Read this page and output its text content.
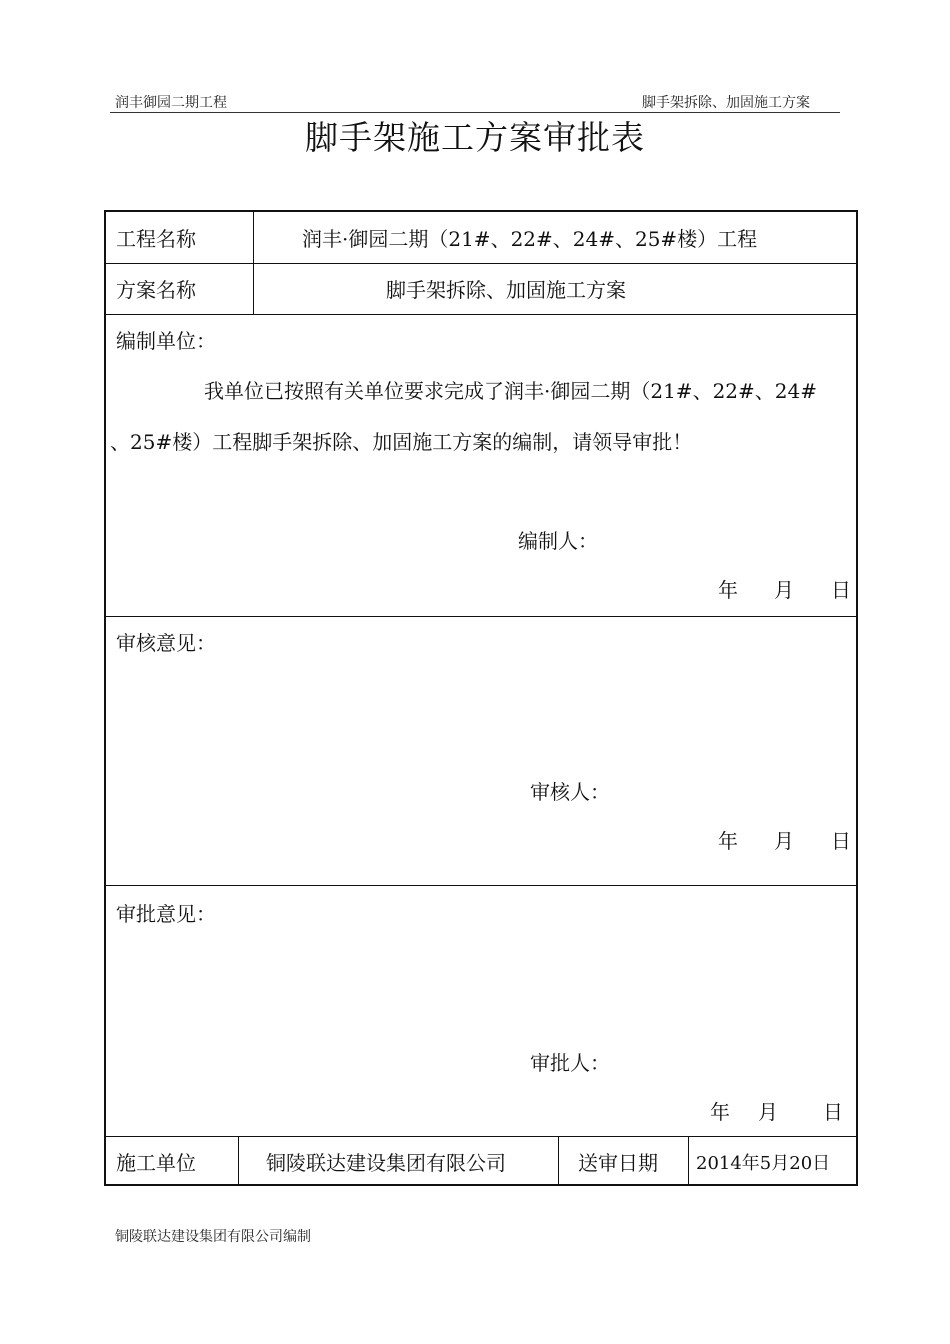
润丰御园二期工程	脚手架拆除、加固施工方案
脚手架施工方案审批表
工程名称	润丰·御园二期（21#、22#、24#、25#楼）工程
方案名称	脚手架拆除、加固施工方案
编制单位：
我单位已按照有关单位要求完成了润丰·御园二期（21#、22#、24#
、25#楼）工程脚手架拆除、加固施工方案的编制，请领导审批！
编制人：
年 月 日
审核意见：
审核人：
年 月 日
审批意见：
审批人：
年 月 日
施工单位	铜陵联达建设集团有限公司	送审日期 2014年5月20日
铜陵联达建设集团有限公司编制
